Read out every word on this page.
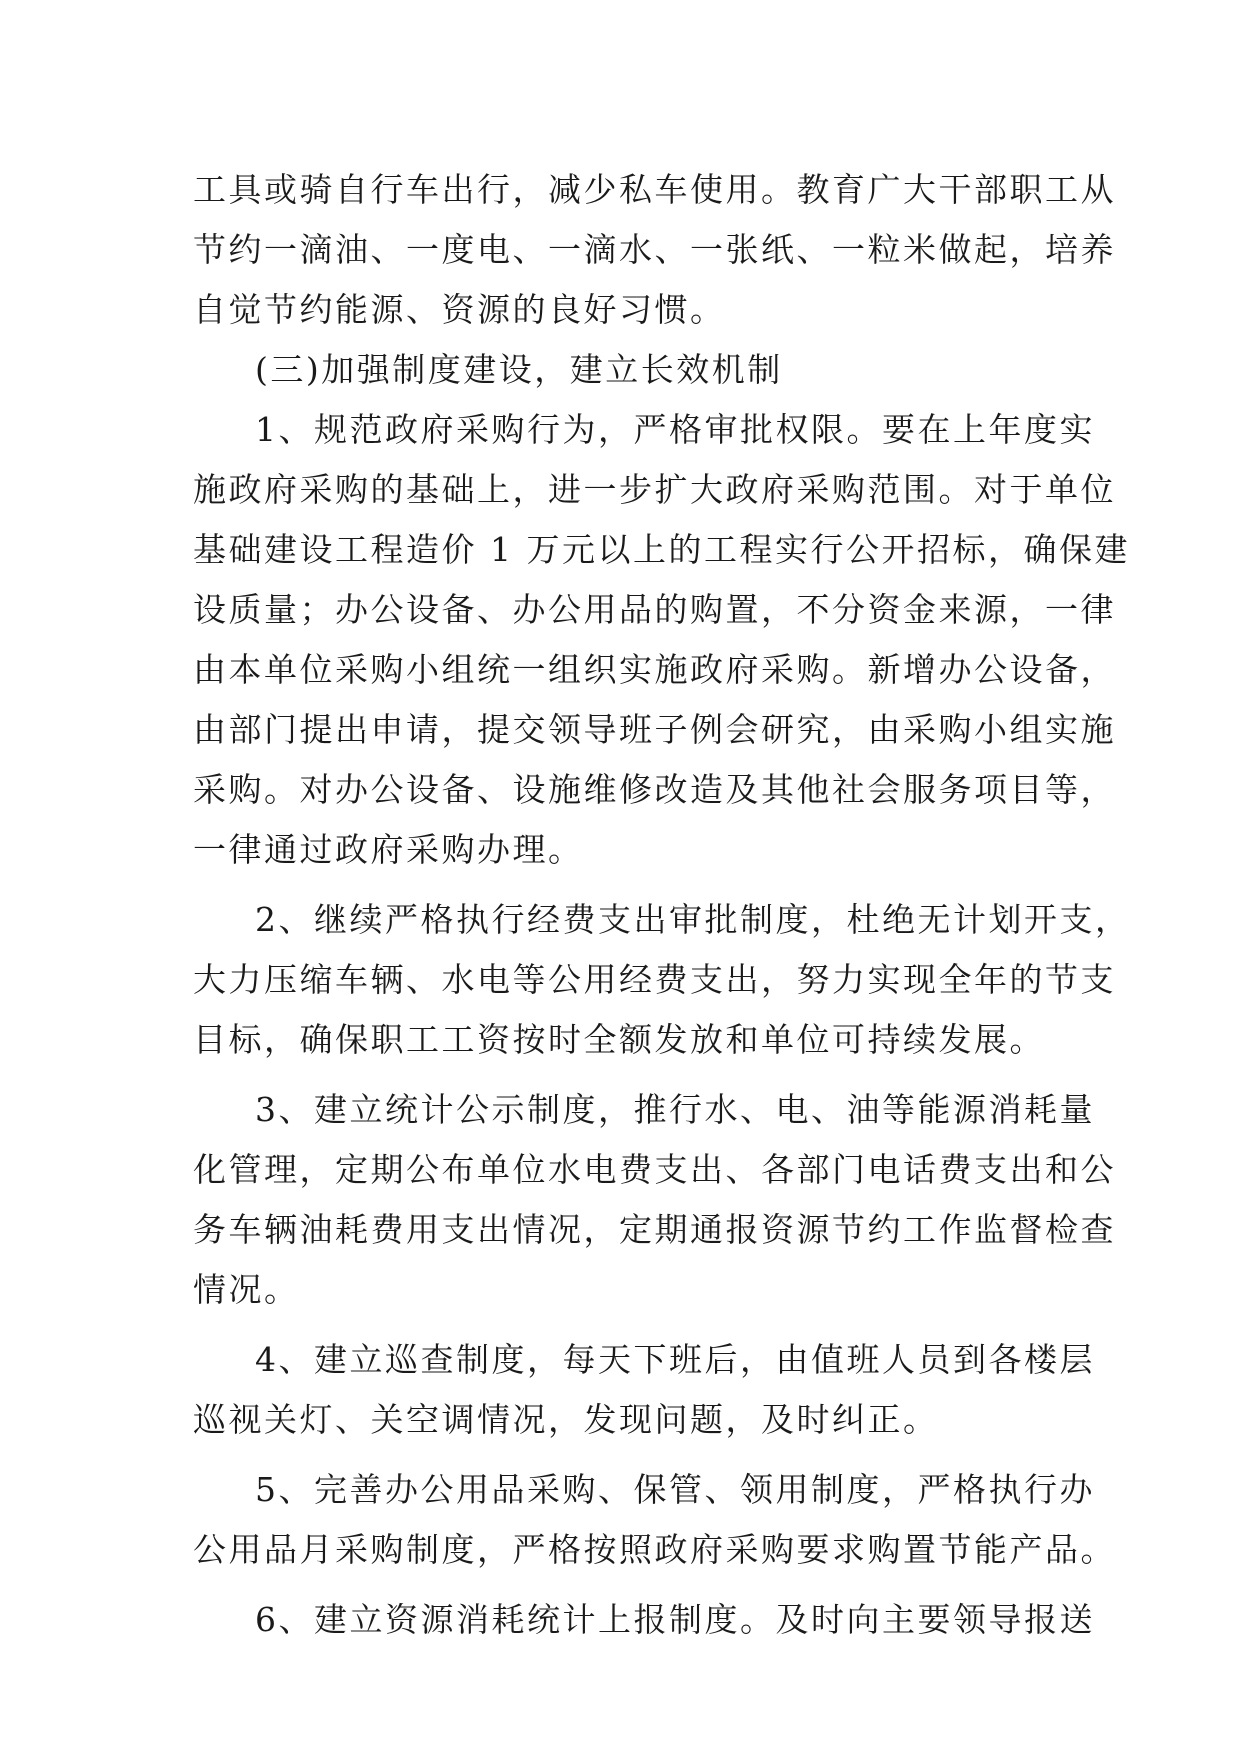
工具或骑自行车出行，减少私车使用。教育广大干部职工从
节约一滴油、一度电、一滴水、一张纸、一粒米做起，培养
自觉节约能源、资源的良好习惯。
(三)加强制度建设，建立长效机制
1、规范政府采购行为，严格审批权限。要在上年度实
施政府采购的基础上，进一步扩大政府采购范围。对于单位
基础建设工程造价 1 万元以上的工程实行公开招标，确保建
设质量；办公设备、办公用品的购置，不分资金来源，一律
由本单位采购小组统一组织实施政府采购。新增办公设备，
由部门提出申请，提交领导班子例会研究，由采购小组实施
采购。对办公设备、设施维修改造及其他社会服务项目等，
一律通过政府采购办理。
2、继续严格执行经费支出审批制度，杜绝无计划开支，
大力压缩车辆、水电等公用经费支出，努力实现全年的节支
目标，确保职工工资按时全额发放和单位可持续发展。
3、建立统计公示制度，推行水、电、油等能源消耗量
化管理，定期公布单位水电费支出、各部门电话费支出和公
务车辆油耗费用支出情况，定期通报资源节约工作监督检查
情况。
4、建立巡查制度，每天下班后，由值班人员到各楼层
巡视关灯、关空调情况，发现问题，及时纠正。
5、完善办公用品采购、保管、领用制度，严格执行办
公用品月采购制度，严格按照政府采购要求购置节能产品。
6、建立资源消耗统计上报制度。及时向主要领导报送
